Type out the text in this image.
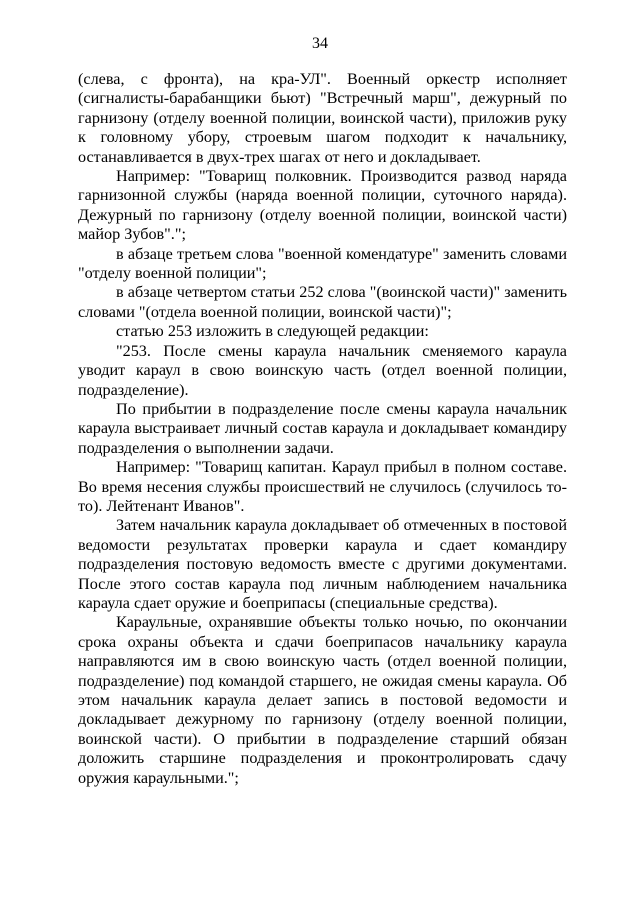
34

(слева, с фронта), на кра-УЛ". Военный оркестр исполняет (сигналисты-барабанщики бьют) "Встречный марш", дежурный по гарнизону (отделу военной полиции, воинской части), приложив руку к головному убору, строевым шагом подходит к начальнику, останавливается в двух-трех шагах от него и докладывает.

Например: "Товарищ полковник. Производится развод наряда гарнизонной службы (наряда военной полиции, суточного наряда). Дежурный по гарнизону (отделу военной полиции, воинской части) майор Зубов".";

в абзаце третьем слова "военной комендатуре" заменить словами "отделу военной полиции";

в абзаце четвертом статьи 252 слова "(воинской части)" заменить словами "(отдела военной полиции, воинской части)";

статью 253 изложить в следующей редакции:

"253. После смены караула начальник сменяемого караула уводит караул в свою воинскую часть (отдел военной полиции, подразделение).

По прибытии в подразделение после смены караула начальник караула выстраивает личный состав караула и докладывает командиру подразделения о выполнении задачи.

Например: "Товарищ капитан. Караул прибыл в полном составе. Во время несения службы происшествий не случилось (случилось то-то). Лейтенант Иванов".

Затем начальник караула докладывает об отмеченных в постовой ведомости результатах проверки караула и сдает командиру подразделения постовую ведомость вместе с другими документами. После этого состав караула под личным наблюдением начальника караула сдает оружие и боеприпасы (специальные средства).

Караульные, охранявшие объекты только ночью, по окончании срока охраны объекта и сдачи боеприпасов начальнику караула направляются им в свою воинскую часть (отдел военной полиции, подразделение) под командой старшего, не ожидая смены караула. Об этом начальник караула делает запись в постовой ведомости и докладывает дежурному по гарнизону (отделу военной полиции, воинской части). О прибытии в подразделение старший обязан доложить старшине подразделения и проконтролировать сдачу оружия караульными.";
